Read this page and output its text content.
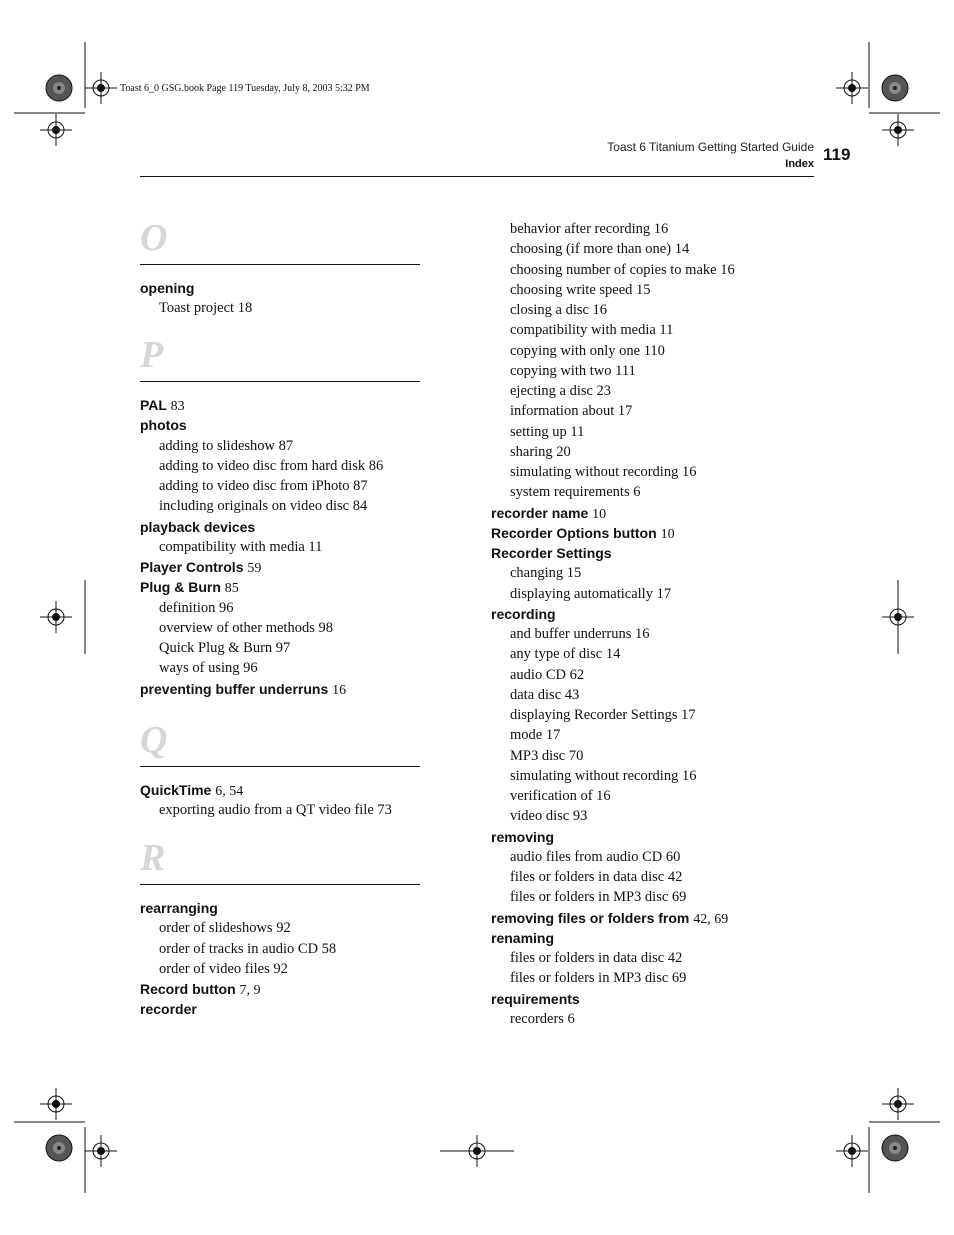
Toast 6_0 GSG.book Page 119 Tuesday, July 8, 2003 5:32 PM
Toast 6 Titanium Getting Started Guide
Index 119
O
opening
Toast project 18
P
PAL 83
photos
adding to slideshow 87
adding to video disc from hard disk 86
adding to video disc from iPhoto 87
including originals on video disc 84
playback devices
compatibility with media 11
Player Controls 59
Plug & Burn 85
definition 96
overview of other methods 98
Quick Plug & Burn 97
ways of using 96
preventing buffer underruns 16
Q
QuickTime 6, 54
exporting audio from a QT video file 73
R
rearranging
order of slideshows 92
order of tracks in audio CD 58
order of video files 92
Record button 7, 9
recorder
behavior after recording 16
choosing (if more than one) 14
choosing number of copies to make 16
choosing write speed 15
closing a disc 16
compatibility with media 11
copying with only one 110
copying with two 111
ejecting a disc 23
information about 17
setting up 11
sharing 20
simulating without recording 16
system requirements 6
recorder name 10
Recorder Options button 10
Recorder Settings
changing 15
displaying automatically 17
recording
and buffer underruns 16
any type of disc 14
audio CD 62
data disc 43
displaying Recorder Settings 17
mode 17
MP3 disc 70
simulating without recording 16
verification of 16
video disc 93
removing
audio files from audio CD 60
files or folders in data disc 42
files or folders in MP3 disc 69
removing files or folders from 42, 69
renaming
files or folders in data disc 42
files or folders in MP3 disc 69
requirements
recorders 6
